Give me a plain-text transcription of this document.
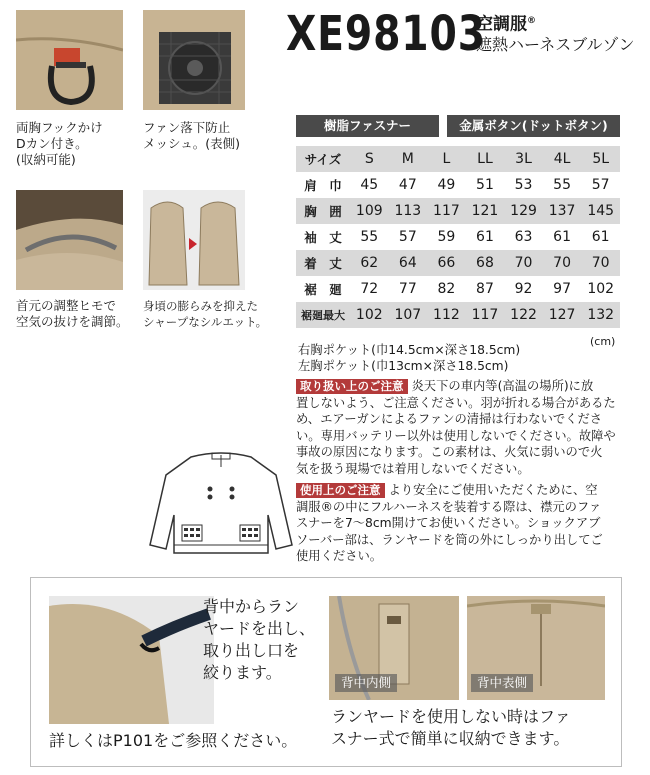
両胸フックかけ
Dカン付き。
(収納可能)
ファン落下防止
メッシュ。(表側)
首元の調整ヒモで
空気の抜けを調節。
身頃の膨らみを抑えた
シャープなシルエット。
XE98103
空調服®
遮熱ハーネスブルゾン
樹脂ファスナー	金属ボタン(ドットボタン)
サイズ	S	M	L	LL	3L	4L	5L
肩　巾	45	47	49	51	53	55	57
胸　囲	109	113	117	121	129	137	145
袖　丈	55	57	59	61	63	61	61
着　丈	62	64	66	68	70	70	70
裾　廻	72	77	82	87	92	97	102
裾廻最大	102	107	112	117	122	127	132
(cm)
右胸ポケット(巾14.5cm×深さ18.5cm)
左胸ポケット(巾13cm×深さ18.5cm)
取り扱い上のご注意 炎天下の車内等(高温の場所)に放
置しないよう、ご注意ください。羽が折れる場合があるた
め、エアーガンによるファンの清掃は行わないでくださ
い。専用バッテリー以外は使用しないでください。故障や
事故の原因になります。この素材は、火気に弱いので火
気を扱う現場では着用しないでください。
使用上のご注意 より安全にご使用いただくために、空
調服®の中にフルハーネスを装着する際は、襟元のファ
スナーを7〜8cm開けてお使いください。ショックアブ
ソーバー部は、ランヤードを筒の外にしっかり出してご
使用ください。
背中からラン
ヤードを出し、
取り出し口を
絞ります。
背中内側	背中表側
詳しくはP101をご参照ください。
ランヤードを使用しない時はファ
スナー式で簡単に収納できます。
